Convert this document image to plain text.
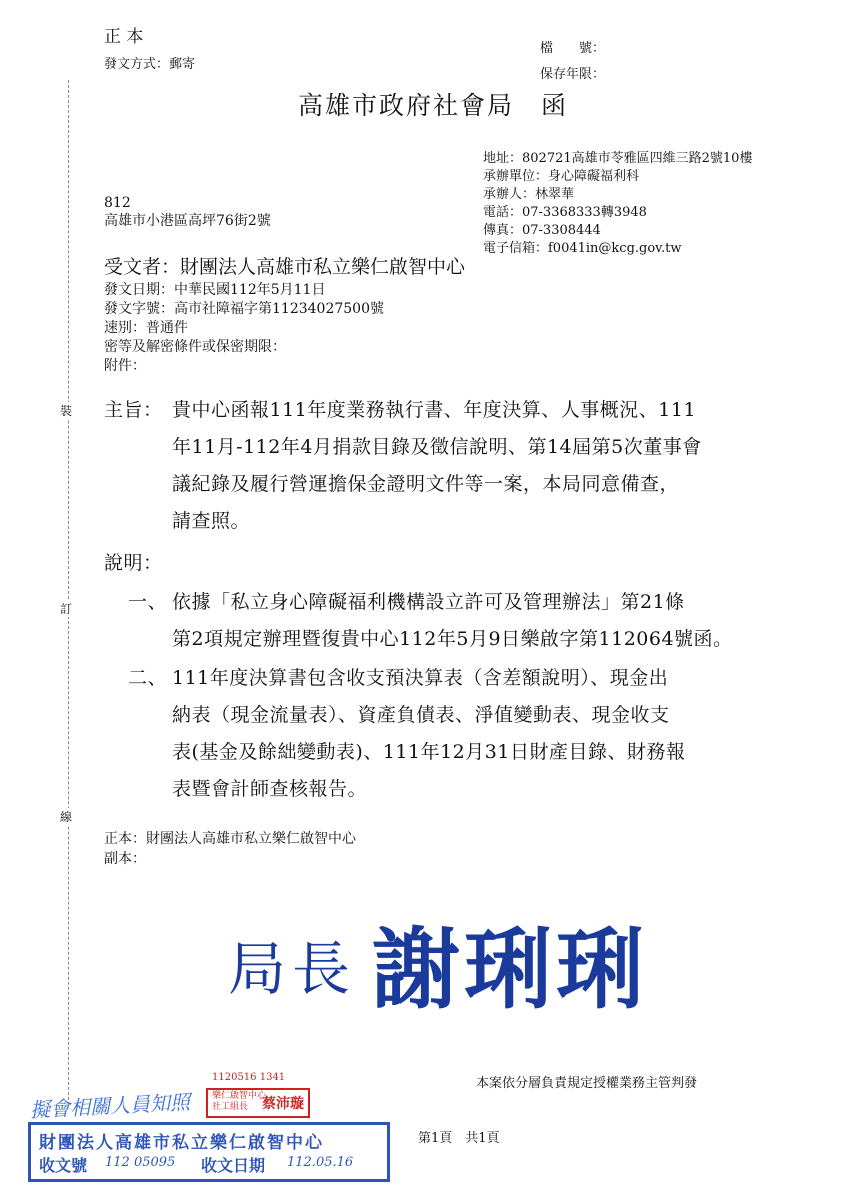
正 本
發文方式：郵寄
檔　　號：
保存年限：
高雄市政府社會局　函
地址：802721高雄市苓雅區四維三路2號10樓
承辦單位：身心障礙福利科
承辦人：林翠華
電話：07-3368333轉3948
傳真：07-3308444
電子信箱：f0041in@kcg.gov.tw
812
高雄市小港區高坪76街2號
受文者：財團法人高雄市私立樂仁啟智中心
發文日期：中華民國112年5月11日
發文字號：高市社障福字第11234027500號
速別：普通件
密等及解密條件或保密期限：
附件：
裝
訂
線
主旨： 貴中心函報111年度業務執行書、年度決算、人事概況、111
年11月-112年4月捐款目錄及徵信說明、第14屆第5次董事會
議紀錄及履行營運擔保金證明文件等一案，本局同意備查，
請查照。
說明：
一、 依據「私立身心障礙福利機構設立許可及管理辦法」第21條
第2項規定辦理暨復貴中心112年5月9日樂啟字第112064號函。
二、 111年度決算書包含收支預決算表（含差額說明）、現金出
納表（現金流量表）、資產負債表、淨值變動表、現金收支
表(基金及餘絀變動表)、111年12月31日財產目錄、財務報
表暨會計師查核報告。
正本：財團法人高雄市私立樂仁啟智中心
副本：
局長 謝琍琍
本案依分層負責規定授權業務主管判發
第1頁　共1頁
擬會相關人員知照
1120516 1341
樂仁啟智中心
社工組長 蔡沛璇
財團法人高雄市私立樂仁啟智中心
收文號 112 05095 收文日期 112.05.16
